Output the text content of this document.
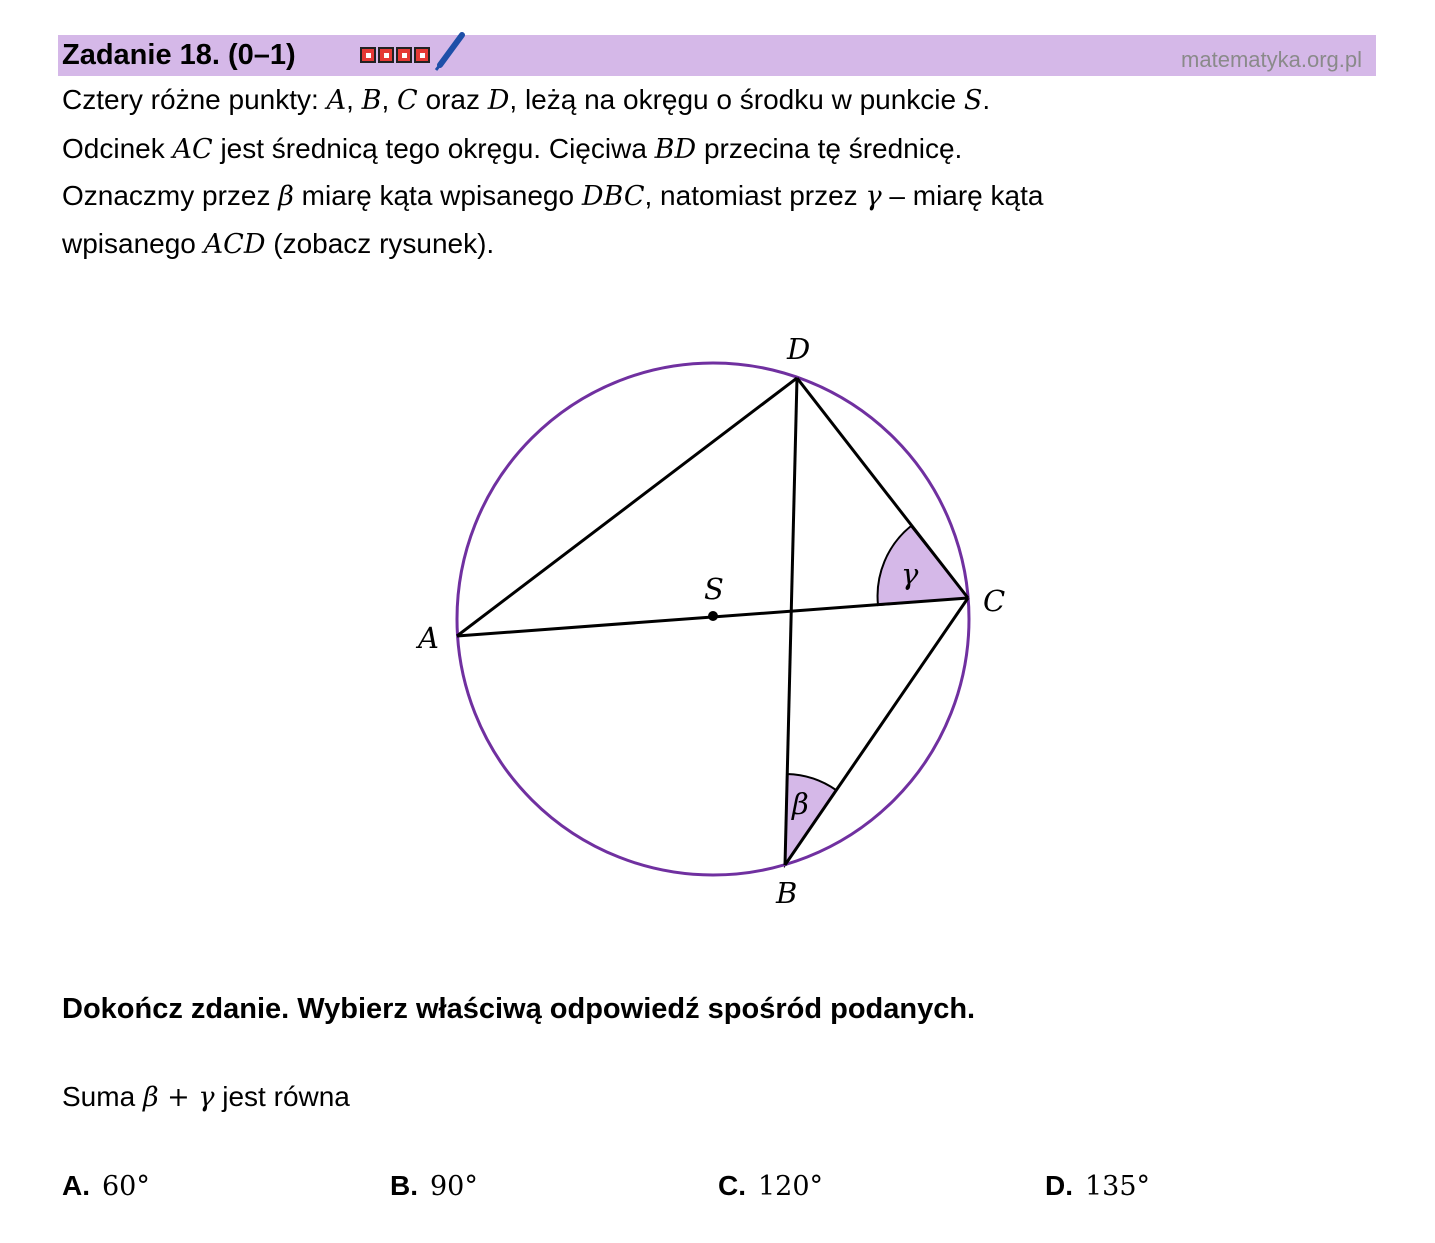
Zadanie 18. (0–1)	matematyka.org.pl
Cztery różne punkty: A, B, C oraz D, leżą na okręgu o środku w punkcie S.
Odcinek AC jest średnicą tego okręgu. Cięciwa BD przecina tę średnicę.
Oznaczmy przez β miarę kąta wpisanego DBC, natomiast przez γ – miarę kąta
wpisanego ACD (zobacz rysunek).
A
B
C
D
S	γ
β
Dokończ zdanie. Wybierz właściwą odpowiedź spośród podanych.
Suma β + γ jest równa
A. 60°	B. 90°	C. 120°	D. 135°
